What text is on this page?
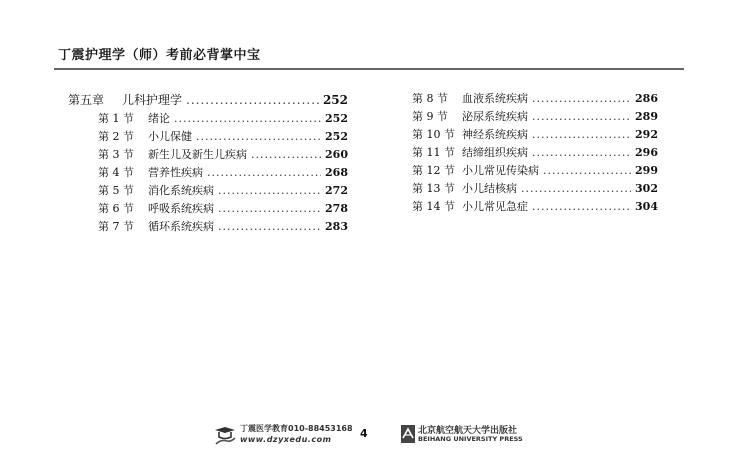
丁震护理学（师）考前必背掌中宝
第五章	儿科护理学 .....	252
第 1 节	绪论 .....	252
第 2 节	小儿保健 .....	252
第 3 节	新生儿及新生儿疾病 .....	260
第 4 节	营养性疾病 .....	268
第 5 节	消化系统疾病 .....	272
第 6 节	呼吸系统疾病 .....	278
第 7 节	循环系统疾病 .....	283
第 8 节	血液系统疾病 .....	286
第 9 节	泌尿系统疾病 .....	289
第 10 节 神经系统疾病 .....	292
第 11 节 结缔组织疾病 .....	296
第 12 节 小儿常见传染病 .....	299
第 13 节 小儿结核病 .....	302
第 14 节 小儿常见急症 .....	304
丁震医学教育010-88453168
www.dzyxedu.com	4	北京航空航天大学出版社
BEIHANG UNIVERSITY PRESS
